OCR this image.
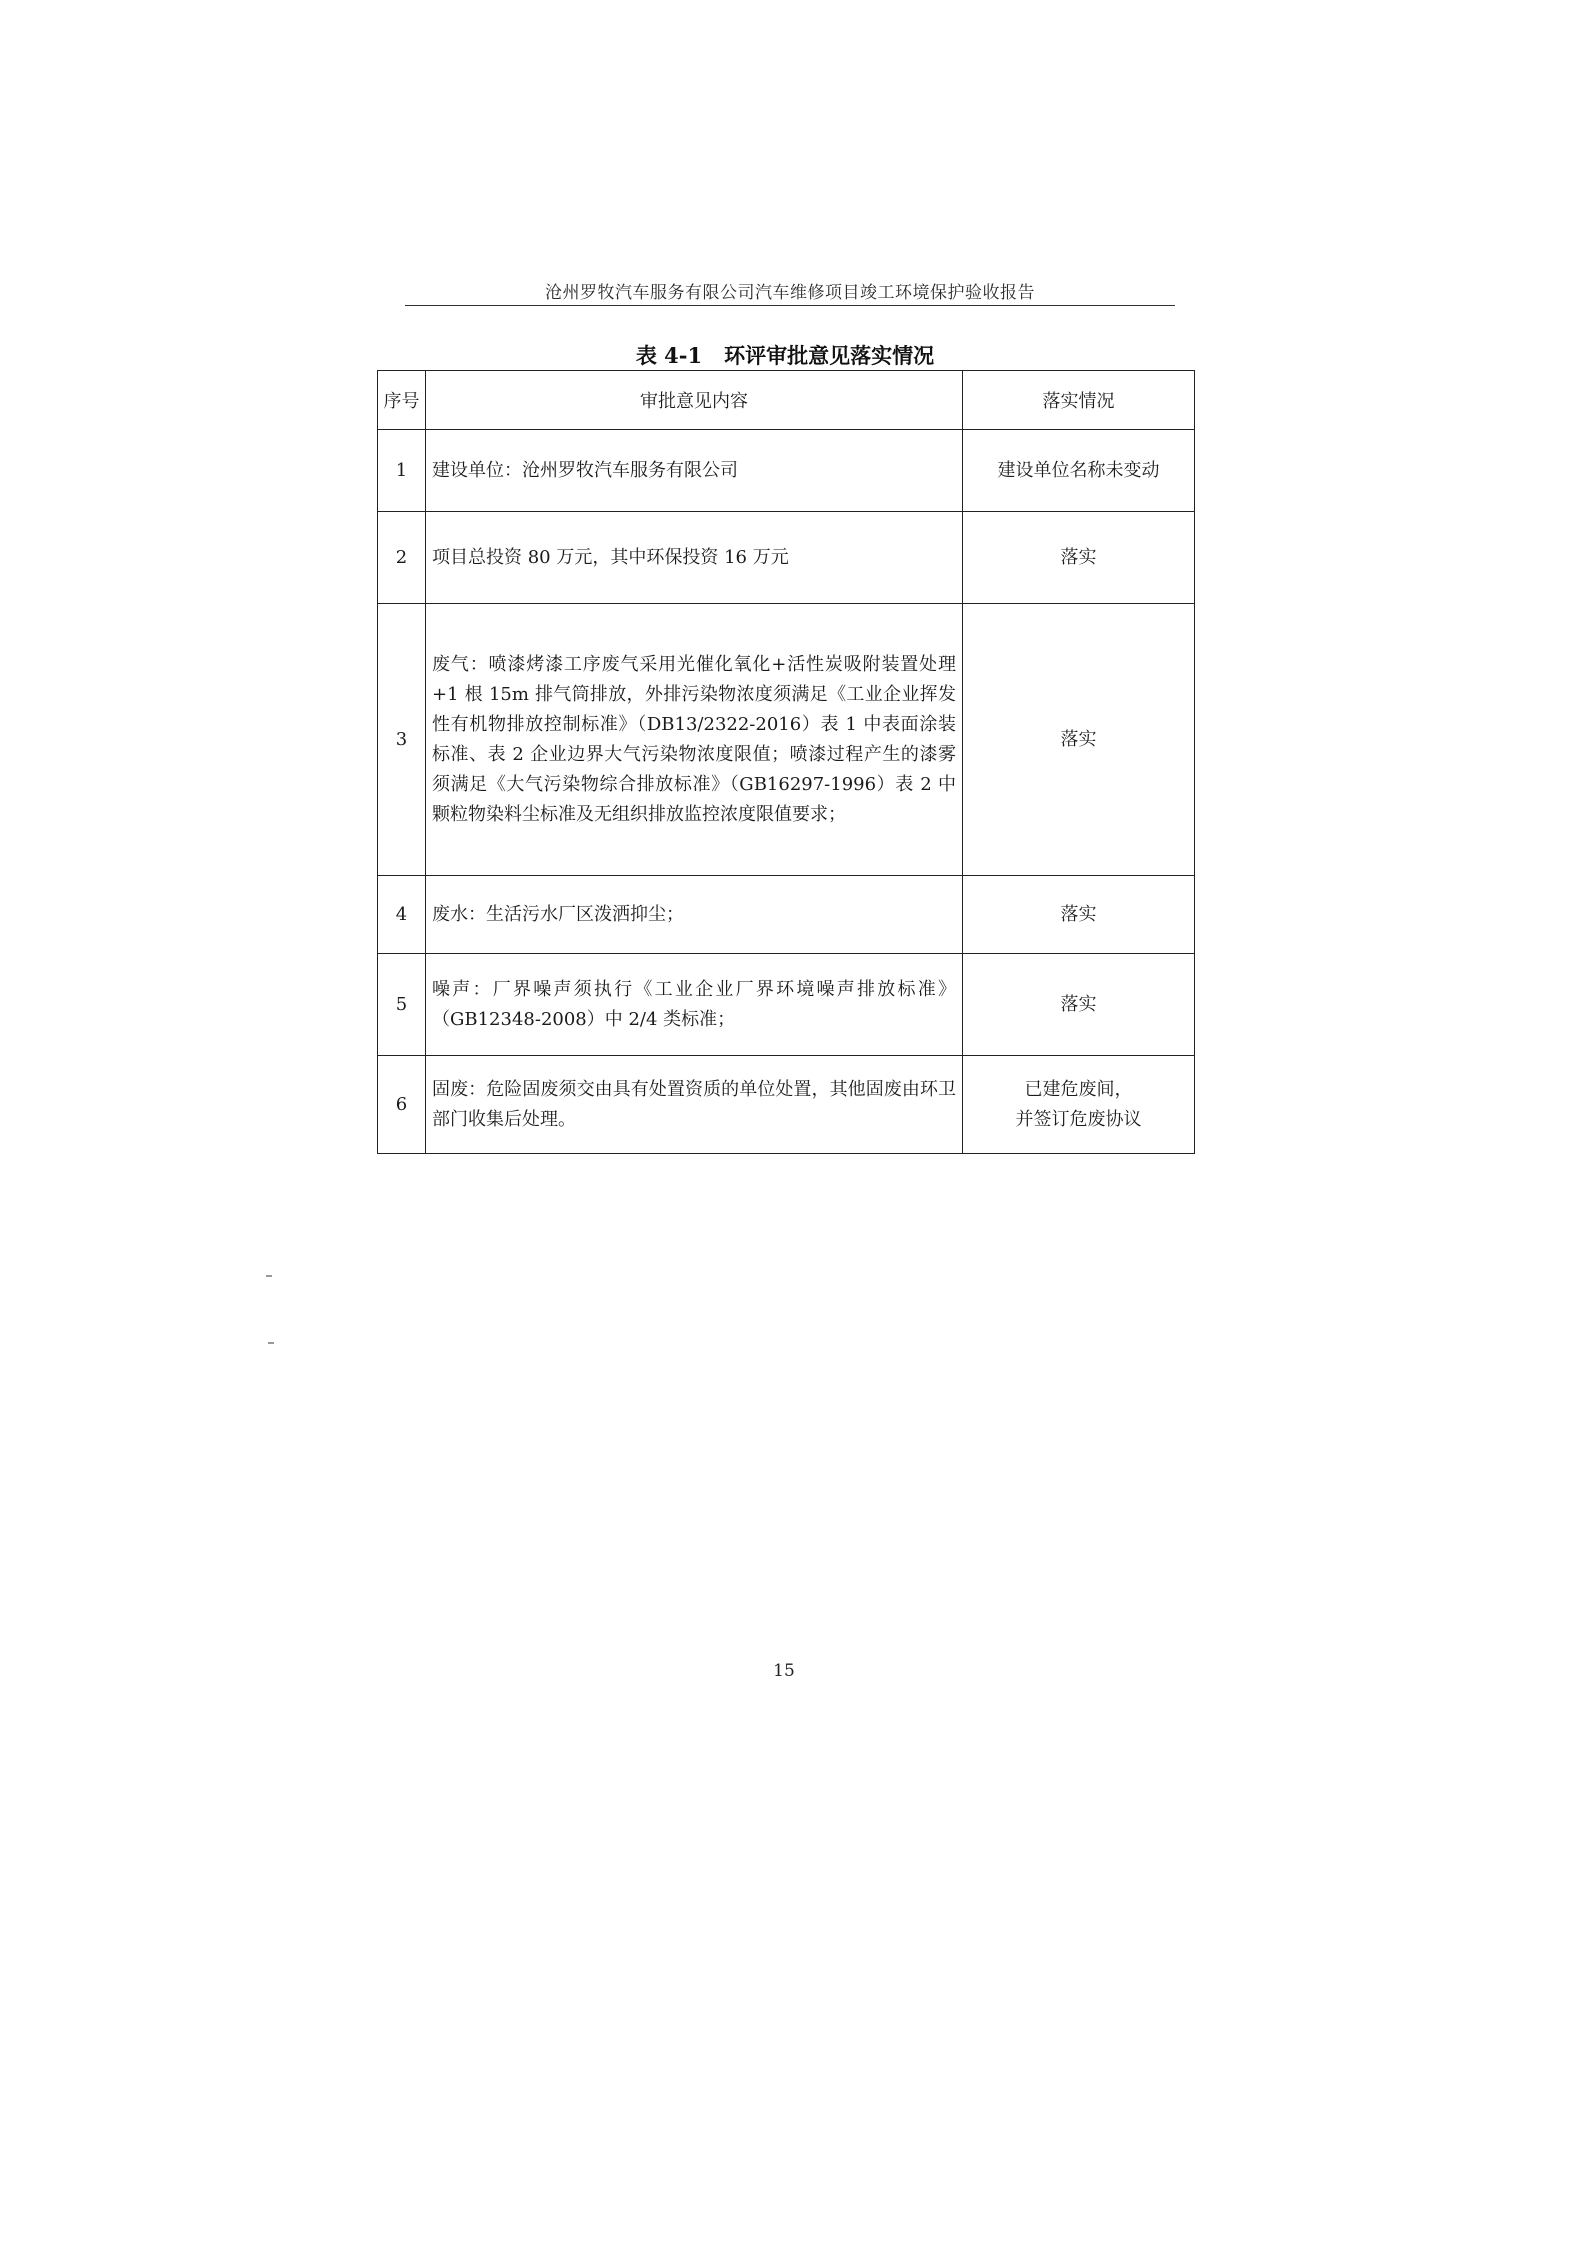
沧州罗牧汽车服务有限公司汽车维修项目竣工环境保护验收报告
表 4-1 环评审批意见落实情况
序号	审批意见内容	落实情况
1	建设单位：沧州罗牧汽车服务有限公司	建设单位名称未变动

2	项目总投资 80 万元，其中环保投资 16 万元	落实

3	废气：喷漆烤漆工序废气采用光催化氧化+活性炭吸附装置处理+1 根 15m 排气筒排放，外排污染物浓度须满足《工业企业挥发性有机物排放控制标准》（DB13/2322-2016）表 1 中表面涂装标准、表 2 企业边界大气污染物浓度限值；喷漆过程产生的漆雾须满足《大气污染物综合排放标准》（GB16297-1996）表 2 中颗粒物染料尘标准及无组织排放监控浓度限值要求；	落实

4	废水：生活污水厂区泼洒抑尘；	落实

5	噪声：厂界噪声须执行《工业企业厂界环境噪声排放标准》（GB12348-2008）中 2/4 类标准；	落实

6	固废：危险固废须交由具有处置资质的单位处置，其他固废由环卫部门收集后处理。	已建危废间，
并签订危废协议
15
